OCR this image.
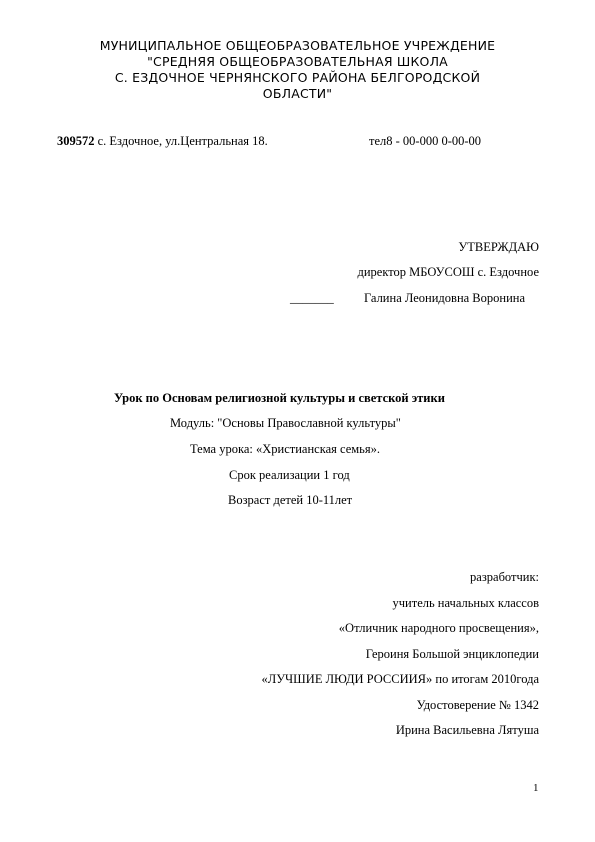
МУНИЦИПАЛЬНОЕ ОБЩЕОБРАЗОВАТЕЛЬНОЕ УЧРЕЖДЕНИЕ
"СРЕДНЯЯ ОБЩЕОБРАЗОВАТЕЛЬНАЯ ШКОЛА
С. ЕЗДОЧНОЕ ЧЕРНЯНСКОГО РАЙОНА БЕЛГОРОДСКОЙ
ОБЛАСТИ"
309572 с. Ездочное, ул.Центральная 18.	тел8 - 00-000 0-00-00
УТВЕРЖДАЮ
директор МБОУСОШ с. Ездочное
_______ Галина Леонидовна Воронина
Урок по Основам религиозной культуры и светской этики
Модуль: "Основы Православной культуры"
Тема урока: «Христианская семья».
Срок реализации 1 год
Возраст детей 10-11лет
разработчик:
учитель начальных классов
«Отличник народного просвещения»,
Героиня Большой энциклопедии
«ЛУЧШИЕ ЛЮДИ РОССИИЯ» по итогам 2010года
Удостоверение № 1342
Ирина Васильевна Лятуша
1
